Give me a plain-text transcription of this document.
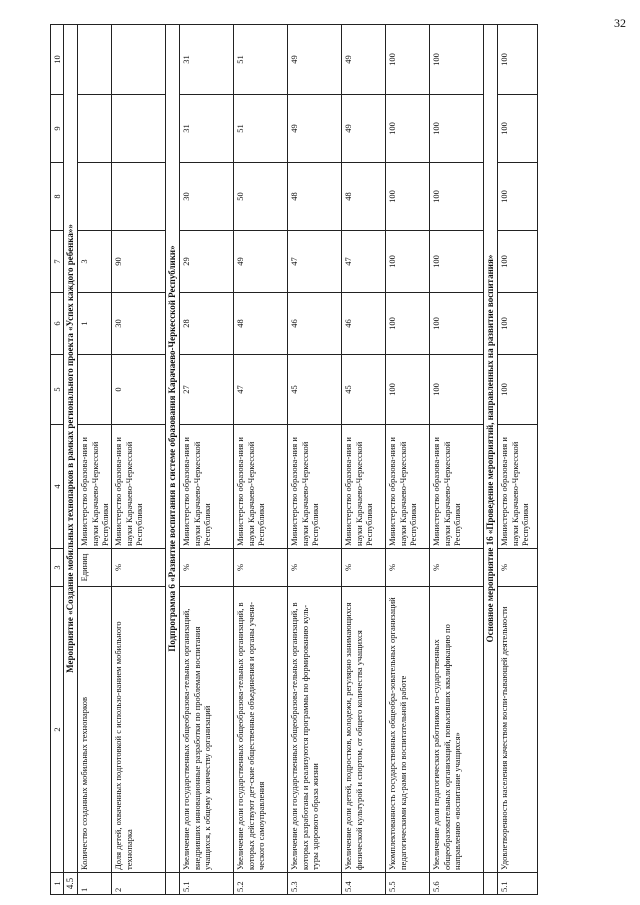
32
1	2	3	4	5	6	7	8	9	10
4.5	Мероприятие «Создание мобильных технопарков в рамках регионального проекта «Успех каждого ребенка»»								
1	Количество созданных мобильных технопарков	Единиц	Министерство образова-ния и науки Карачаево-Черкесской Республики		1	3			
2	Доля детей, охваченных подготовкой с использо-ванием мобильного технопарка	%	Министерство образова-ния и науки Карачаево-Черкесской Республики	0	30	90			
	Подпрограмма 6 «Развитие воспитания в системе образования Карачаево-Черкесской Республики»								
5.1	Увеличение доли государственных общеобразова-тельных организаций, внедривших инновационные разработки по проблемам воспитания учащихся, к общему количеству организаций	%	Министерство образова-ния и науки Карачаево-Черкесской Республики	27	28	29	30	31	31
5.2	Увеличение доли государственных общеобразова-тельных организаций, в которых действуют дет-ские общественные объединения и органы учени-ческого самоуправления	%	Министерство образова-ния и науки Карачаево-Черкесской Республики	47	48	49	50	51	51
5.3	Увеличение доли государственных общеобразова-тельных организаций, в которых разработаны и реализуются программы по формированию куль-туры здорового образа жизни	%	Министерство образова-ния и науки Карачаево-Черкесской Республики	45	46	47	48	49	49
5.4	Увеличение доли детей, подростков, молодежи, регулярно занимающихся физической культурой и спортом, от общего количества учащихся	%	Министерство образова-ния и науки Карачаево-Черкесской Республики	45	46	47	48	49	49
5.5	Укомплектованность государственных общеобра-зовательных организаций педагогическими кад-рами по воспитательной работе	%	Министерство образова-ния и науки Карачаево-Черкесской Республики	100	100	100	100	100	100
5.6	Увеличение доли педагогических работников го-сударственных общеобразовательных организаций, повысивших квалификацию по направлению «воспитание учащихся»	%	Министерство образова-ния и науки Карачаево-Черкесской Республики	100	100	100	100	100	100
	Основное мероприятие 16 «Проведение мероприятий, направленных на развитие воспитания»								
5.1	Удовлетворенность населения качеством воспи-тывающей деятельности	%	Министерство образова-ния и науки Карачаево-Черкесской Республики	100	100	100	100	100	100
